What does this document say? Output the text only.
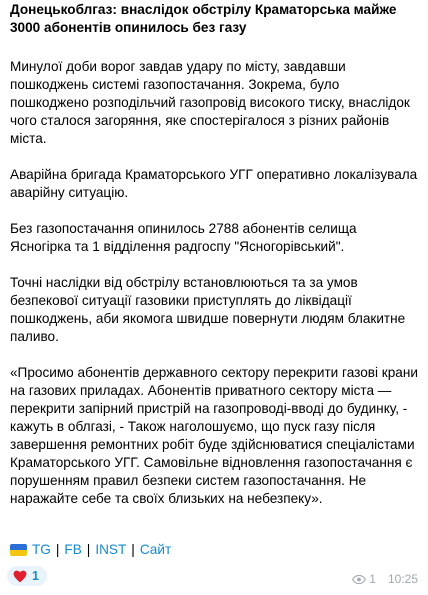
Донецькоблгаз: внаслідок обстрілу Краматорська майже 3000 абонентів опинилось без газу
Минулої доби ворог завдав удару по місту, завдавши пошкоджень системі газопостачання. Зокрема, було пошкоджено розподільчий газопровід високого тиску, внаслідок чого сталося загоряння, яке спостерігалося з різних районів міста.
Аварійна бригада Краматорського УГГ оперативно локалізувала аварійну ситуацію.
Без газопостачання опинилось 2788 абонентів селища Ясногірка та 1 відділення радгоспу "Ясногорівський".
Точні наслідки від обстрілу встановлюються та за умов безпекової ситуації газовики приступлять до ліквідації пошкоджень, аби якомога швидше повернути людям блакитне паливо.
«Просимо абонентів державного сектору перекрити газові крани на газових приладах. Абонентів приватного сектору міста — перекрити запірний пристрій на газопроводі-вводі до будинку, - кажуть в облгазі, - Також наголошуємо, що пуск газу після завершення ремонтних робіт буде здійснюватися спеціалістами Краматорського УГГ. Самовільне відновлення газопостачання є порушенням правил безпеки систем газопостачання. Не наражайте себе та своїх близьких на небезпеку».
TG | FB | INST | Сайт
1	1 10:25
